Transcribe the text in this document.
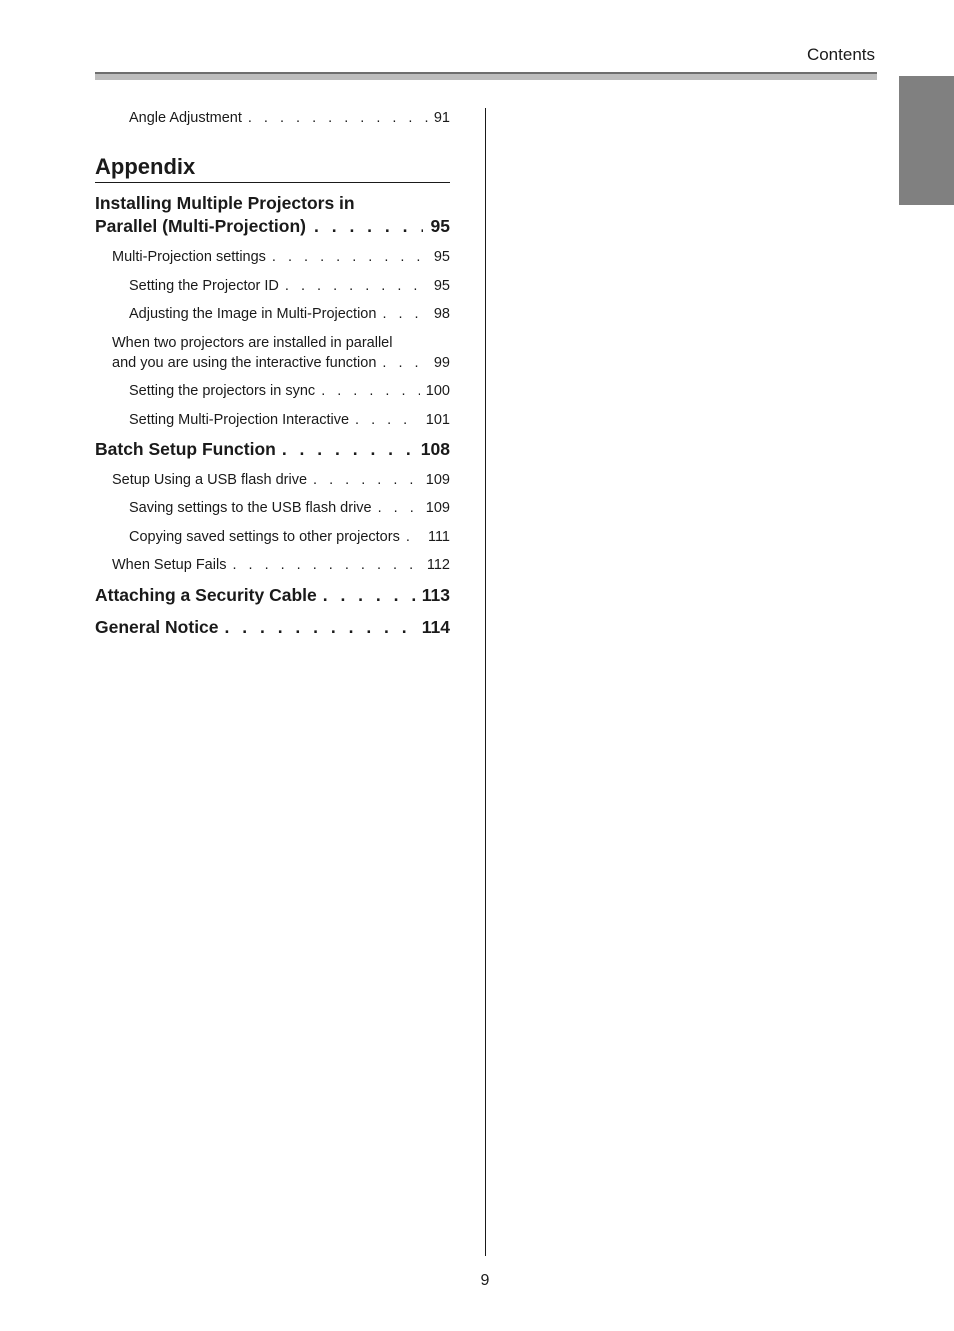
Contents
Angle Adjustment . . .	91
Appendix
Installing Multiple Projectors in
Parallel (Multi-Projection) . . .	95
Multi-Projection settings . . .	95
Setting the Projector ID . . .	95
Adjusting the Image in Multi-Projection . . .	98
When two projectors are installed in parallel
and you are using the interactive function . . .	99
Setting the projectors in sync . . .	100
Setting Multi-Projection Interactive . . .	101
Batch Setup Function . . .	108
Setup Using a USB flash drive . . .	109
Saving settings to the USB flash drive . . .	109
Copying saved settings to other projectors . . . 111
When Setup Fails . . .	112
Attaching a Security Cable . . .	113
General Notice . . .	114
9
